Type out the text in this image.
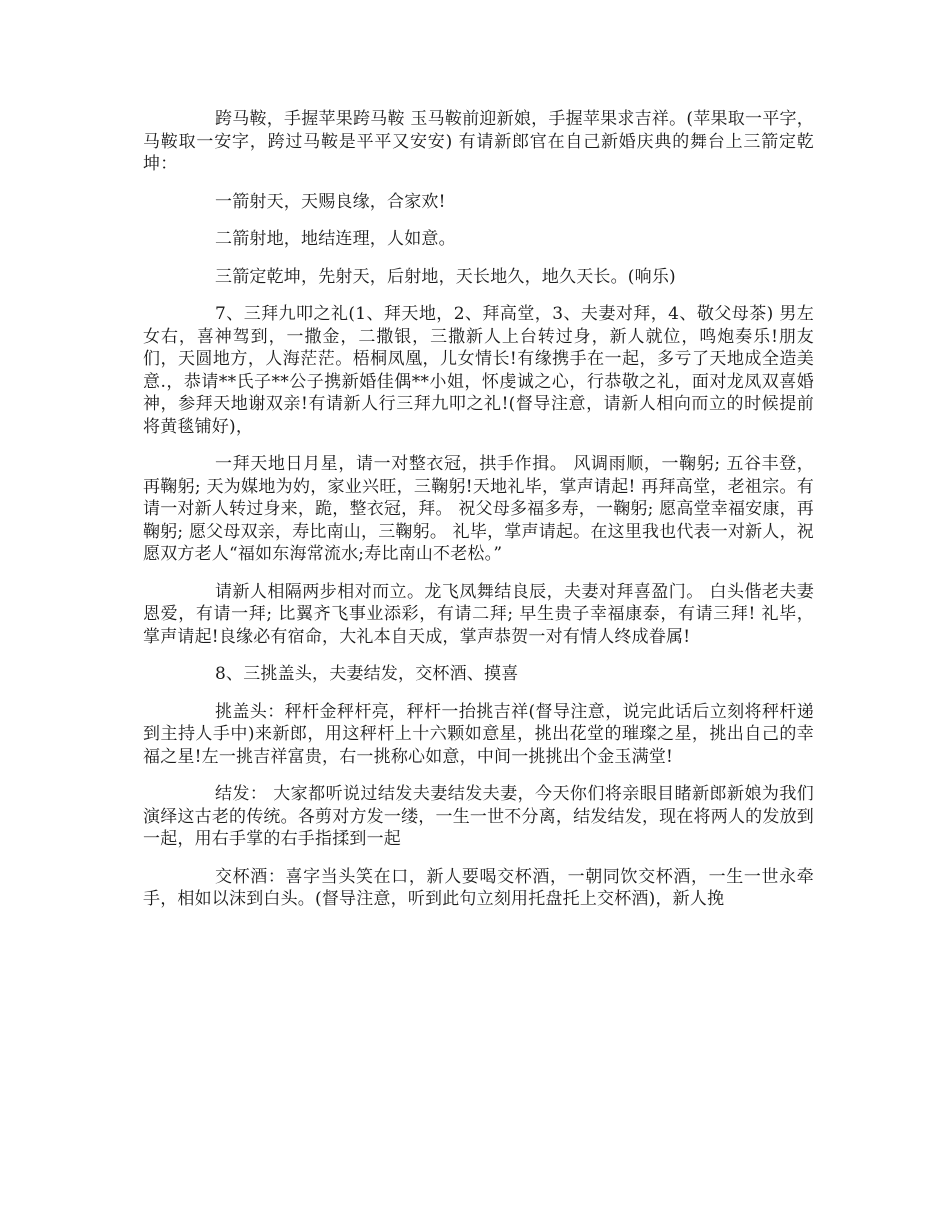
跨马鞍，手握苹果跨马鞍 玉马鞍前迎新娘，手握苹果求吉祥。(苹果取一平字，马鞍取一安字，跨过马鞍是平平又安安) 有请新郎官在自己新婚庆典的舞台上三箭定乾坤：

一箭射天，天赐良缘，合家欢!

二箭射地，地结连理，人如意。

三箭定乾坤，先射天，后射地，天长地久，地久天长。(响乐)

7、三拜九叩之礼(1、拜天地，2、拜高堂，3、夫妻对拜，4、敬父母茶) 男左女右，喜神驾到，一撒金，二撒银，三撒新人上台转过身，新人就位，鸣炮奏乐!朋友们，天圆地方，人海茫茫。梧桐凤凰，儿女情长!有缘携手在一起，多亏了天地成全造美意.，恭请**氏子**公子携新婚佳偶**小姐，怀虔诚之心，行恭敬之礼，面对龙凤双喜婚神，参拜天地谢双亲!有请新人行三拜九叩之礼!(督导注意，请新人相向而立的时候提前将黄毯铺好)，

一拜天地日月星，请一对整衣冠，拱手作揖。 风调雨顺，一鞠躬; 五谷丰登，再鞠躬; 天为媒地为妁，家业兴旺，三鞠躬!天地礼毕，掌声请起! 再拜高堂，老祖宗。有请一对新人转过身来，跪，整衣冠，拜。 祝父母多福多寿，一鞠躬; 愿高堂幸福安康，再鞠躬; 愿父母双亲，寿比南山，三鞠躬。 礼毕，掌声请起。在这里我也代表一对新人，祝愿双方老人“福如东海常流水;寿比南山不老松。”

请新人相隔两步相对而立。龙飞凤舞结良辰，夫妻对拜喜盈门。 白头偕老夫妻恩爱，有请一拜; 比翼齐飞事业添彩，有请二拜; 早生贵子幸福康泰，有请三拜! 礼毕，掌声请起!良缘必有宿命，大礼本自天成，掌声恭贺一对有情人终成眷属!

8、三挑盖头，夫妻结发，交杯酒、摸喜

挑盖头：秤杆金秤杆亮，秤杆一抬挑吉祥(督导注意，说完此话后立刻将秤杆递到主持人手中)来新郎，用这秤杆上十六颗如意星，挑出花堂的璀璨之星，挑出自己的幸福之星!左一挑吉祥富贵，右一挑称心如意，中间一挑挑出个金玉满堂!

结发： 大家都听说过结发夫妻结发夫妻，今天你们将亲眼目睹新郎新娘为我们演绎这古老的传统。各剪对方发一缕，一生一世不分离，结发结发，现在将两人的发放到一起，用右手掌的右手指揉到一起

交杯酒：喜字当头笑在口，新人要喝交杯酒，一朝同饮交杯酒，一生一世永牵手，相如以沫到白头。(督导注意，听到此句立刻用托盘托上交杯酒)，新人挽
